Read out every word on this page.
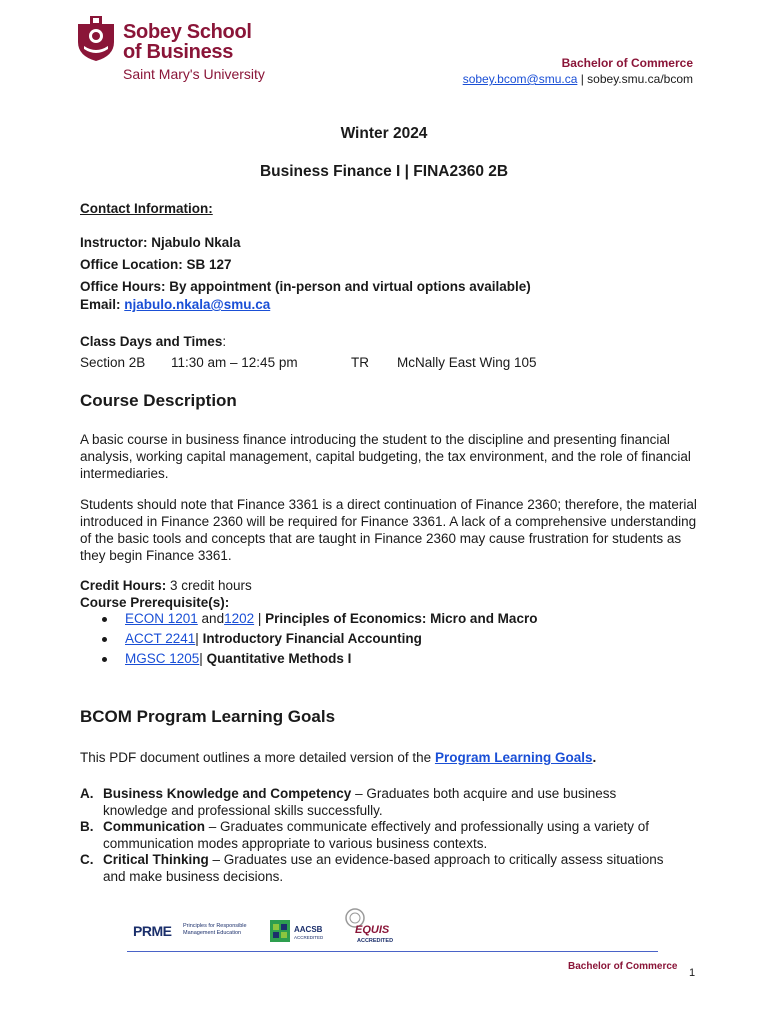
Sobey School
of Business
Saint Mary's University
Bachelor of Commerce
sobey.bcom@smu.ca | sobey.smu.ca/bcom
Winter 2024
Business Finance I | FINA2360 2B
Contact Information:
Instructor: Njabulo Nkala
Office Location: SB 127
Office Hours: By appointment (in-person and virtual options available)
Email: njabulo.nkala@smu.ca
Class Days and Times:
Section 2B 11:30 am – 12:45 pm	TR McNally East Wing 105
Course Description
A basic course in business finance introducing the student to the discipline and presenting financial analysis, working capital management, capital budgeting, the tax environment, and the role of financial intermediaries.
Students should note that Finance 3361 is a direct continuation of Finance 2360; therefore, the material introduced in Finance 2360 will be required for Finance 3361. A lack of a comprehensive understanding of the basic tools and concepts that are taught in Finance 2360 may cause frustration for students as they begin Finance 3361.
Credit Hours: 3 credit hours
Course Prerequisite(s):
ECON 1201 and1202 | Principles of Economics: Micro and Macro
ACCT 2241| Introductory Financial Accounting
MGSC 1205| Quantitative Methods I
BCOM Program Learning Goals
This PDF document outlines a more detailed version of the Program Learning Goals.
A. Business Knowledge and Competency – Graduates both acquire and use business knowledge and professional skills successfully.
B. Communication – Graduates communicate effectively and professionally using a variety of communication modes appropriate to various business contexts.
C. Critical Thinking – Graduates use an evidence-based approach to critically assess situations and make business decisions.
PRME Principles for Responsible Management Education	AACSB
ACCREDITED
EQUIS
ACCREDITED
Bachelor of Commerce
1
